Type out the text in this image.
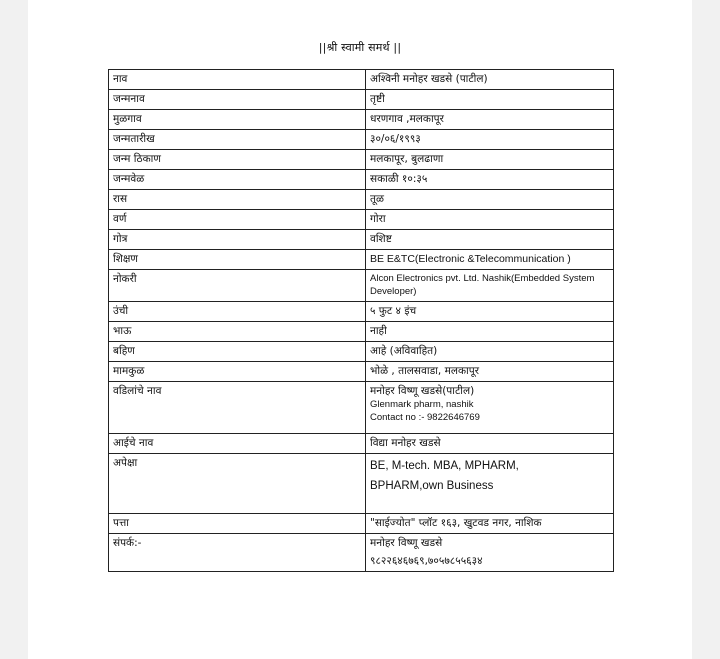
||श्री स्वामी समर्थ ||
नाव	अश्विनी मनोहर खडसे (पाटील)
जन्मनाव	तृष्टी
मुळगाव	धरणगाव ,मलकापूर
जन्मतारीख	३०/०६/१९९३
जन्म ठिकाण	मलकापूर, बुलढाणा
जन्मवेळ	सकाळी १०:३५
रास	तूळ
वर्ण	गोरा
गोत्र	वशिष्ट
शिक्षण	BE E&TC(Electronic &Telecommunication )
नोकरी	Alcon Electronics pvt. Ltd. Nashik(Embedded System Developer)

उंची	५ फुट ४ इंच
भाऊ	नाही
बहिण	आहे (अविवाहित)
मामकुळ	भोळे , तालसवाडा, मलकापूर
वडिलांचे नाव	मनोहर विष्णू खडसे(पाटील)
Glenmark pharm, nashik
Contact no :- 9822646769

आईचे नाव	विद्या मनोहर खडसे
अपेक्षा	BE, M-tech. MBA, MPHARM,
BPHARM,own Business

पत्ता	"साईज्योत" प्लॉट १६३, खुटवड नगर, नाशिक
संपर्क:-	मनोहर विष्णू खडसे
९८२२६४६७६९,७०५७८५५६३४
